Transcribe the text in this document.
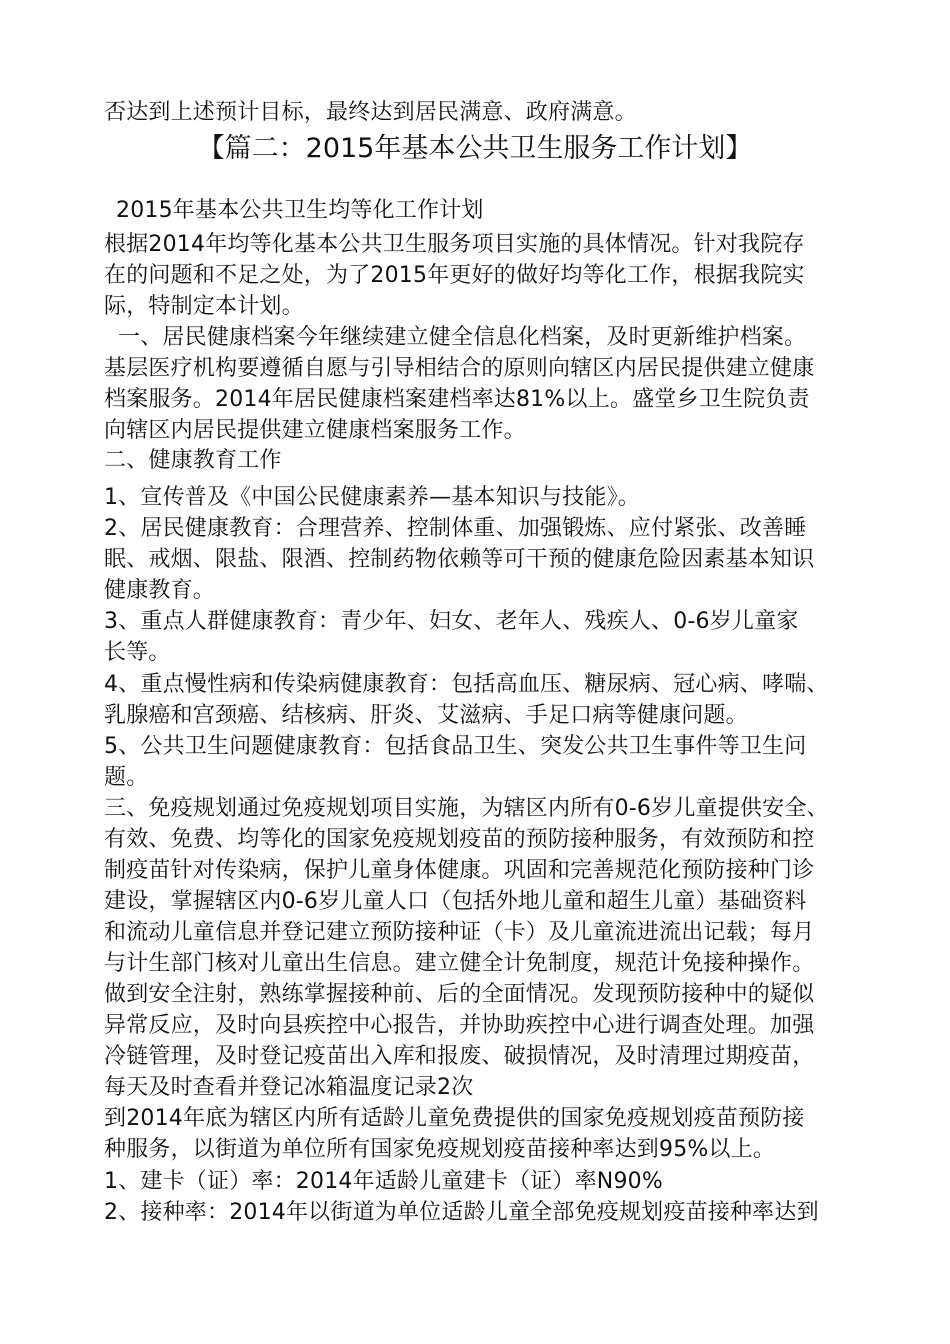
否达到上述预计目标，最终达到居民满意、政府满意。
【篇二：2015年基本公共卫生服务工作计划】
2015年基本公共卫生均等化工作计划
根据2014年均等化基本公共卫生服务项目实施的具体情况。针对我院存
在的问题和不足之处，为了2015年更好的做好均等化工作，根据我院实
际，特制定本计划。
一、居民健康档案今年继续建立健全信息化档案，及时更新维护档案。
基层医疗机构要遵循自愿与引导相结合的原则向辖区内居民提供建立健康
档案服务。2014年居民健康档案建档率达81%以上。盛堂乡卫生院负责
向辖区内居民提供建立健康档案服务工作。
二、健康教育工作
1、宣传普及《中国公民健康素养—基本知识与技能》。
2、居民健康教育：合理营养、控制体重、加强锻炼、应付紧张、改善睡
眠、戒烟、限盐、限酒、控制药物依赖等可干预的健康危险因素基本知识
健康教育。
3、重点人群健康教育：青少年、妇女、老年人、残疾人、0-6岁儿童家
长等。
4、重点慢性病和传染病健康教育：包括高血压、糖尿病、冠心病、哮喘、
乳腺癌和宫颈癌、结核病、肝炎、艾滋病、手足口病等健康问题。
5、公共卫生问题健康教育：包括食品卫生、突发公共卫生事件等卫生问
题。
三、免疫规划通过免疫规划项目实施，为辖区内所有0-6岁儿童提供安全、
有效、免费、均等化的国家免疫规划疫苗的预防接种服务，有效预防和控
制疫苗针对传染病，保护儿童身体健康。巩固和完善规范化预防接种门诊
建设，掌握辖区内0-6岁儿童人口（包括外地儿童和超生儿童）基础资料
和流动儿童信息并登记建立预防接种证（卡）及儿童流进流出记载；每月
与计生部门核对儿童出生信息。建立健全计免制度，规范计免接种操作。
做到安全注射，熟练掌握接种前、后的全面情况。发现预防接种中的疑似
异常反应，及时向县疾控中心报告，并协助疾控中心进行调查处理。加强
冷链管理，及时登记疫苗出入库和报废、破损情况，及时清理过期疫苗，
每天及时查看并登记冰箱温度记录2次
到2014年底为辖区内所有适龄儿童免费提供的国家免疫规划疫苗预防接
种服务，以街道为单位所有国家免疫规划疫苗接种率达到95%以上。
1、建卡（证）率：2014年适龄儿童建卡（证）率N90%
2、接种率：2014年以街道为单位适龄儿童全部免疫规划疫苗接种率达到
